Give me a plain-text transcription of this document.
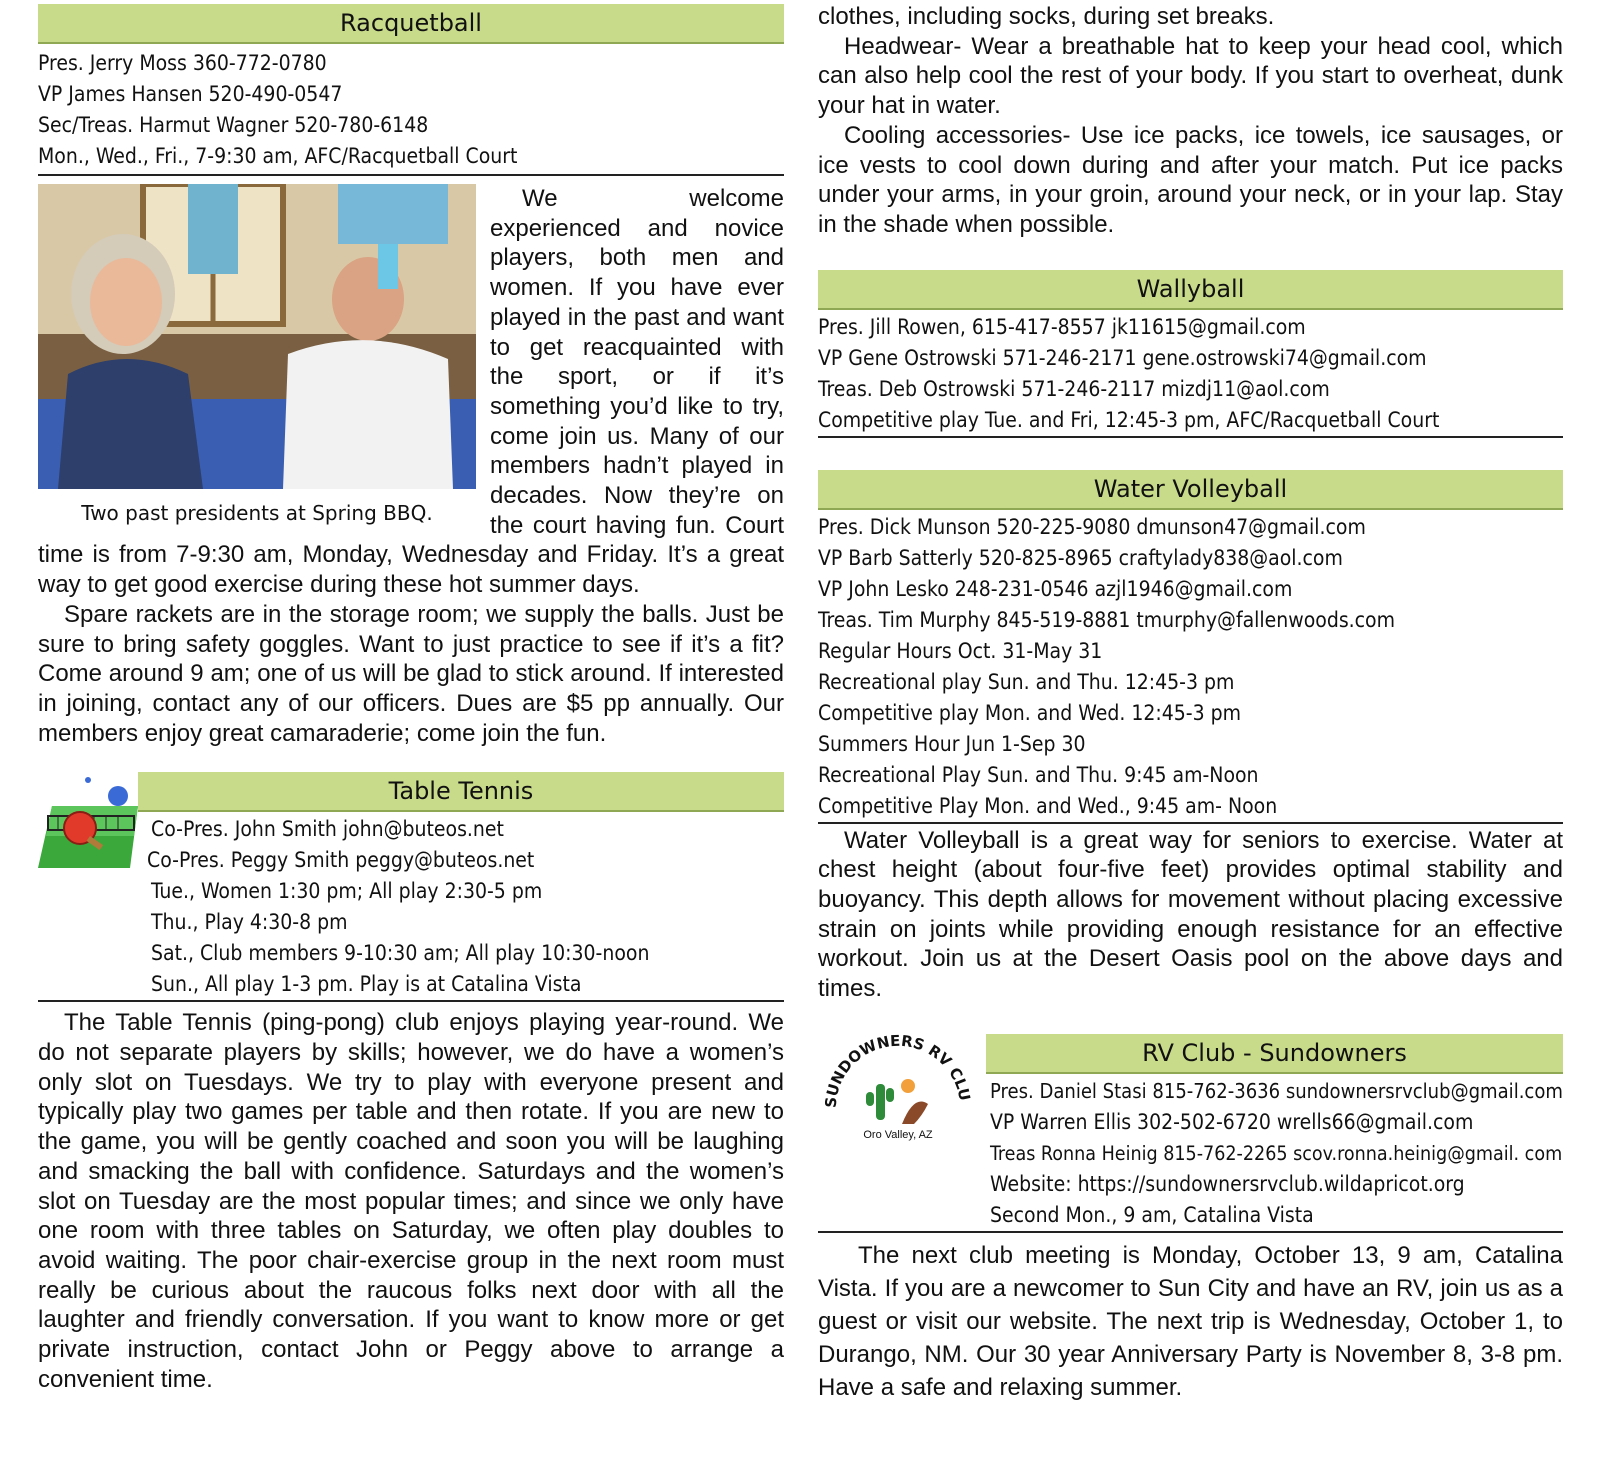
Racquetball
Pres. Jerry Moss 360-772-0780
VP James Hansen 520-490-0547
Sec/Treas. Harmut Wagner 520-780-6148
Mon., Wed., Fri., 7-9:30 am, AFC/Racquetball Court
Two past presidents at Spring BBQ.

We welcome experienced and novice players, both men and women. If you have ever played in the past and want to get reacquainted with the sport, or if it’s something you’d like to try, come join us. Many of our members hadn’t played in decades. Now they’re on the court having fun. Court time is from 7-9:30 am, Monday, Wednesday and Friday. It’s a great way to get good exercise during these hot summer days.

Spare rackets are in the storage room; we supply the balls. Just be sure to bring safety goggles. Want to just practice to see if it’s a fit? Come around 9 am; one of us will be glad to stick around. If interested in joining, contact any of our officers. Dues are $5 pp annually. Our members enjoy great camaraderie; come join the fun.

Table Tennis
Co-Pres. John Smith john@buteos.net
Co-Pres. Peggy Smith peggy@buteos.net
Tue., Women 1:30 pm; All play 2:30-5 pm
Thu., Play 4:30-8 pm
Sat., Club members 9-10:30 am; All play 10:30-noon
Sun., All play 1-3 pm. Play is at Catalina Vista

The Table Tennis (ping-pong) club enjoys playing year-round. We do not separate players by skills; however, we do have a women’s only slot on Tuesdays. We try to play with everyone present and typically play two games per table and then rotate. If you are new to the game, you will be gently coached and soon you will be laughing and smacking the ball with confidence. Saturdays and the women’s slot on Tuesday are the most popular times; and since we only have one room with three tables on Saturday, we often play doubles to avoid waiting. The poor chair-exercise group in the next room must really be curious about the raucous folks next door with all the laughter and friendly conversation. If you want to know more or get private instruction, contact John or Peggy above to arrange a convenient time.

clothes, including socks, during set breaks.

Headwear- Wear a breathable hat to keep your head cool, which can also help cool the rest of your body. If you start to overheat, dunk your hat in water.

Cooling accessories- Use ice packs, ice towels, ice sausages, or ice vests to cool down during and after your match. Put ice packs under your arms, in your groin, around your neck, or in your lap. Stay in the shade when possible.

Wallyball
Pres. Jill Rowen, 615-417-8557 jk11615@gmail.com
VP Gene Ostrowski 571-246-2171 gene.ostrowski74@gmail.com
Treas. Deb Ostrowski 571-246-2117 mizdj11@aol.com
Competitive play Tue. and Fri, 12:45-3 pm, AFC/Racquetball Court
Water Volleyball
Pres. Dick Munson 520-225-9080 dmunson47@gmail.com
VP Barb Satterly 520-825-8965 craftylady838@aol.com
VP John Lesko 248-231-0546 azjl1946@gmail.com
Treas. Tim Murphy 845-519-8881 tmurphy@fallenwoods.com
Regular Hours Oct. 31-May 31
Recreational play Sun. and Thu. 12:45-3 pm
Competitive play Mon. and Wed. 12:45-3 pm
Summers Hour Jun 1-Sep 30
Recreational Play Sun. and Thu. 9:45 am-Noon
Competitive Play Mon. and Wed., 9:45 am- Noon

Water Volleyball is a great way for seniors to exercise. Water at chest height (about four-five feet) provides optimal stability and buoyancy. This depth allows for movement without placing excessive strain on joints while providing enough resistance for an effective workout. Join us at the Desert Oasis pool on the above days and times.

SUNDOWNERS RV CLU
Oro Valley, AZ
RV Club - Sundowners
Pres. Daniel Stasi 815-762-3636 sundownersrvclub@gmail.com
VP Warren Ellis 302-502-6720 wrells66@gmail.com
Treas Ronna Heinig 815-762-2265 scov.ronna.heinig@gmail. com
Website: https://sundownersrvclub.wildapricot.org
Second Mon., 9 am, Catalina Vista

The next club meeting is Monday, October 13, 9 am, Catalina Vista. If you are a newcomer to Sun City and have an RV, join us as a guest or visit our website. The next trip is Wednesday, October 1, to Durango, NM. Our 30 year Anniversary Party is November 8, 3-8 pm. Have a safe and relaxing summer.
